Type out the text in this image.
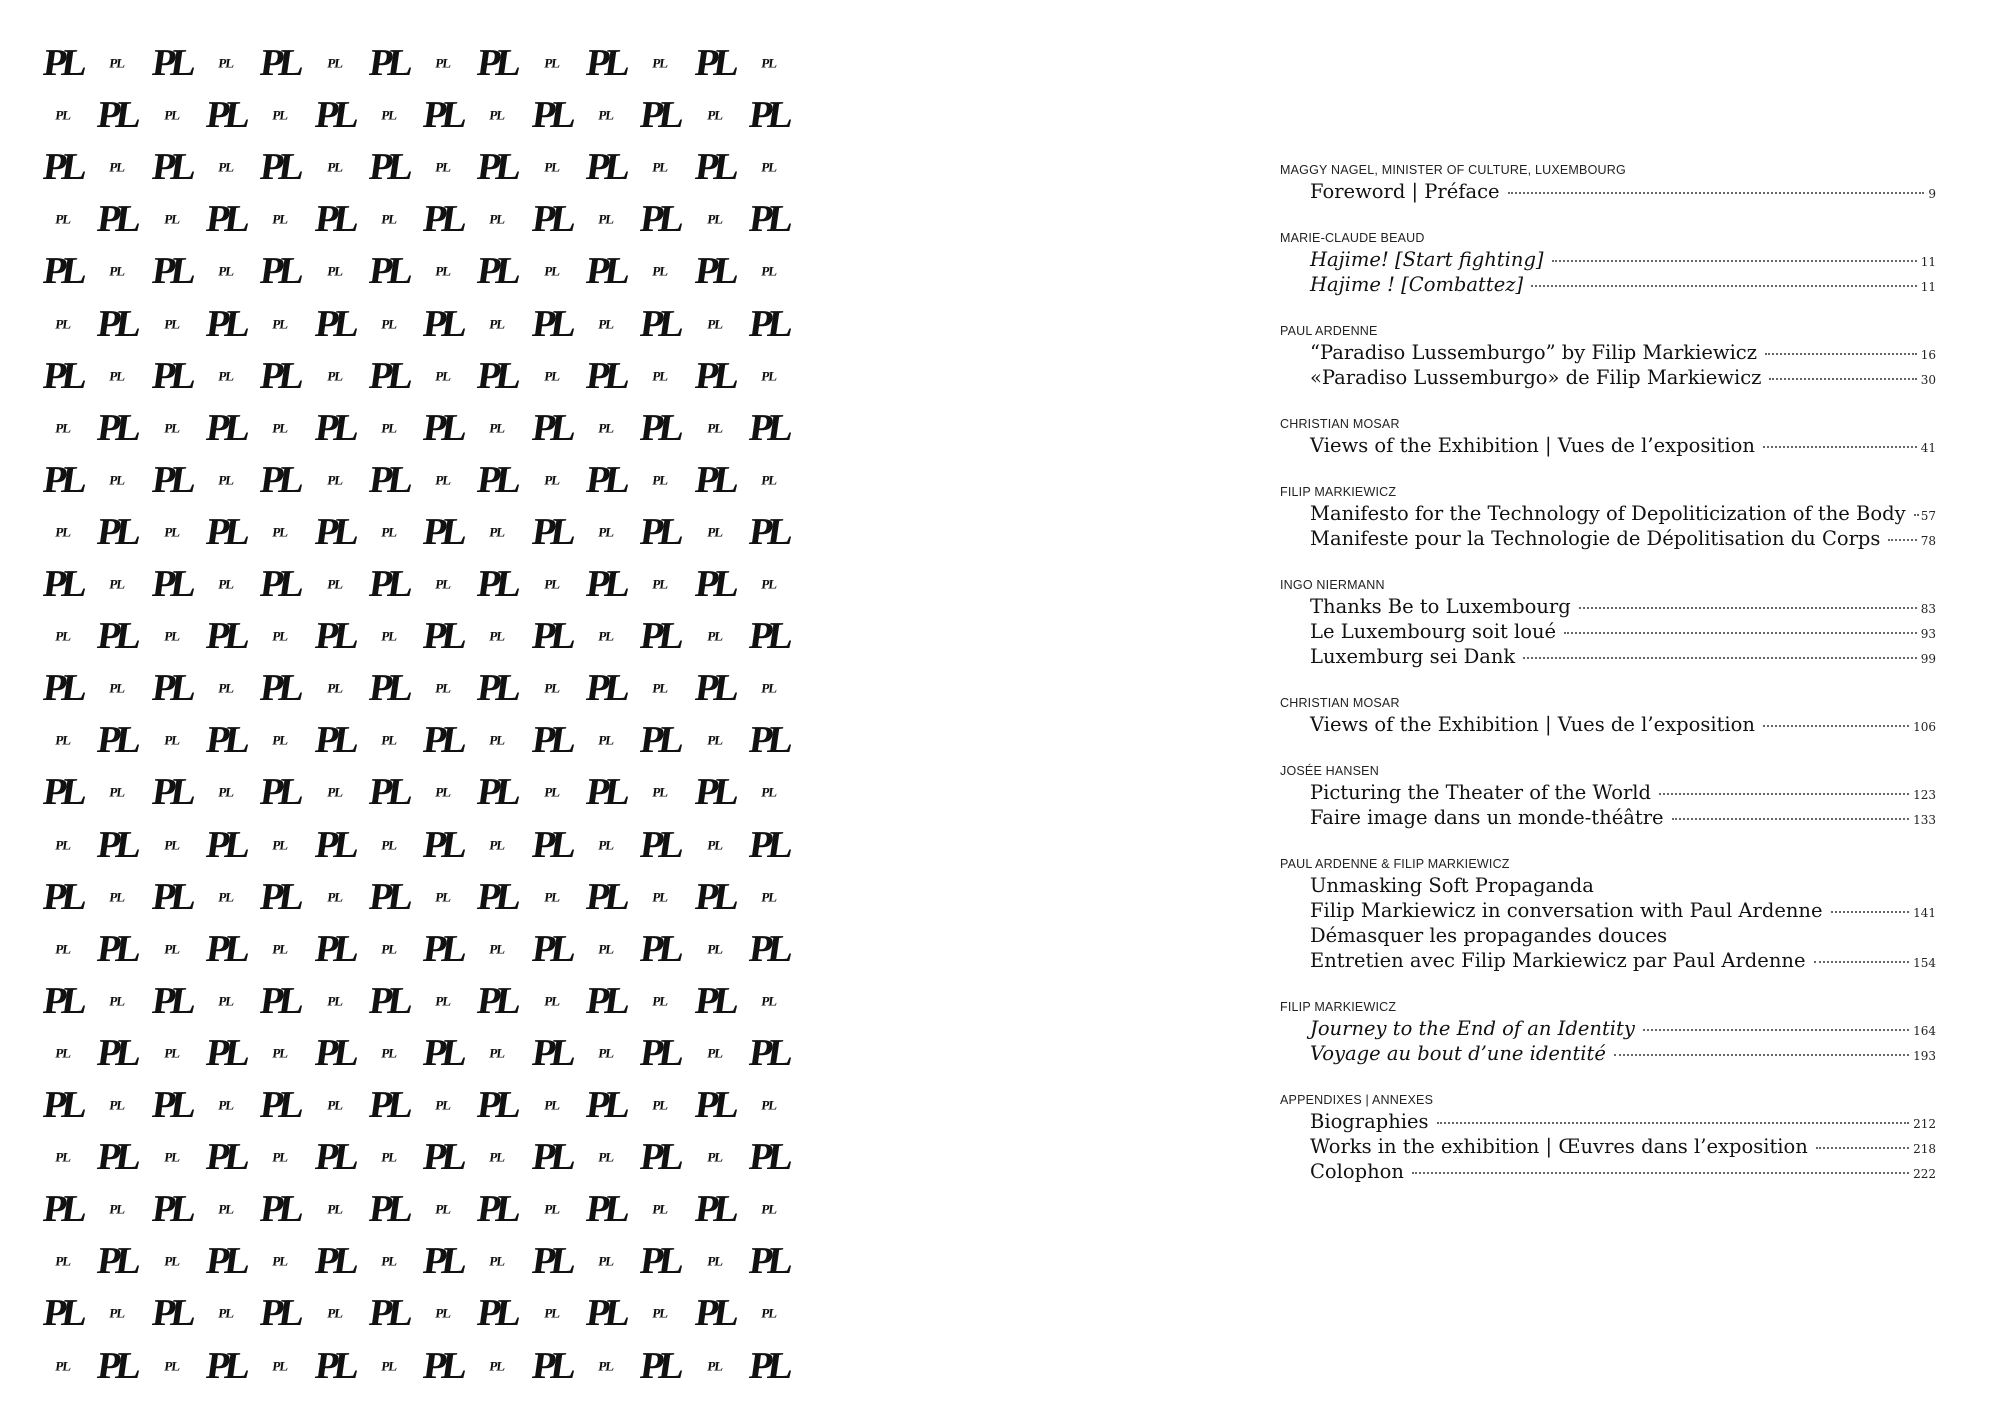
PL PL PL PL PL PL PL PL PL PL PL PL PL PL
PL PL PL PL PL PL PL PL PL PL PL PL PL PL
PL PL PL PL PL PL PL PL PL PL PL PL PL PL
PL PL PL PL PL PL PL PL PL PL PL PL PL PL
PL PL PL PL PL PL PL PL PL PL PL PL PL PL
PL PL PL PL PL PL PL PL PL PL PL PL PL PL
PL PL PL PL PL PL PL PL PL PL PL PL PL PL
PL PL PL PL PL PL PL PL PL PL PL PL PL PL
PL PL PL PL PL PL PL PL PL PL PL PL PL PL
PL PL PL PL PL PL PL PL PL PL PL PL PL PL
PL PL PL PL PL PL PL PL PL PL PL PL PL PL
PL PL PL PL PL PL PL PL PL PL PL PL PL PL
PL PL PL PL PL PL PL PL PL PL PL PL PL PL
PL PL PL PL PL PL PL PL PL PL PL PL PL PL
PL PL PL PL PL PL PL PL PL PL PL PL PL PL
PL PL PL PL PL PL PL PL PL PL PL PL PL PL
PL PL PL PL PL PL PL PL PL PL PL PL PL PL
PL PL PL PL PL PL PL PL PL PL PL PL PL PL
PL PL PL PL PL PL PL PL PL PL PL PL PL PL
PL PL PL PL PL PL PL PL PL PL PL PL PL PL
PL PL PL PL PL PL PL PL PL PL PL PL PL PL
PL PL PL PL PL PL PL PL PL PL PL PL PL PL
PL PL PL PL PL PL PL PL PL PL PL PL PL PL
PL PL PL PL PL PL PL PL PL PL PL PL PL PL
PL PL PL PL PL PL PL PL PL PL PL PL PL PL
PL PL PL PL PL PL PL PL PL PL PL PL PL PL
MAGGY NAGEL, MINISTER OF CULTURE, LUXEMBOURG
Foreword | Préface	9
MARIE-CLAUDE BEAUD
Hajime! [Start fighting]	11
Hajime ! [Combattez]	11
PAUL ARDENNE
“Paradiso Lussemburgo” by Filip Markiewicz	16
«Paradiso Lussemburgo» de Filip Markiewicz	30
CHRISTIAN MOSAR
Views of the Exhibition | Vues de l’exposition	41
FILIP MARKIEWICZ
Manifesto for the Technology of Depoliticization of the Body 57
Manifeste pour la Technologie de Dépolitisation du Corps	78
INGO NIERMANN
Thanks Be to Luxembourg	83
Le Luxembourg soit loué	93
Luxemburg sei Dank	99
CHRISTIAN MOSAR
Views of the Exhibition | Vues de l’exposition	106
JOSÉE HANSEN
Picturing the Theater of the World	123
Faire image dans un monde-théâtre	133
PAUL ARDENNE & FILIP MARKIEWICZ
Unmasking Soft Propaganda
Filip Markiewicz in conversation with Paul Ardenne	141
Démasquer les propagandes douces
Entretien avec Filip Markiewicz par Paul Ardenne	154
FILIP MARKIEWICZ
Journey to the End of an Identity	164
Voyage au bout d’une identité	193
APPENDIXES | ANNEXES
Biographies	212
Works in the exhibition | Œuvres dans l’exposition	218
Colophon	222
